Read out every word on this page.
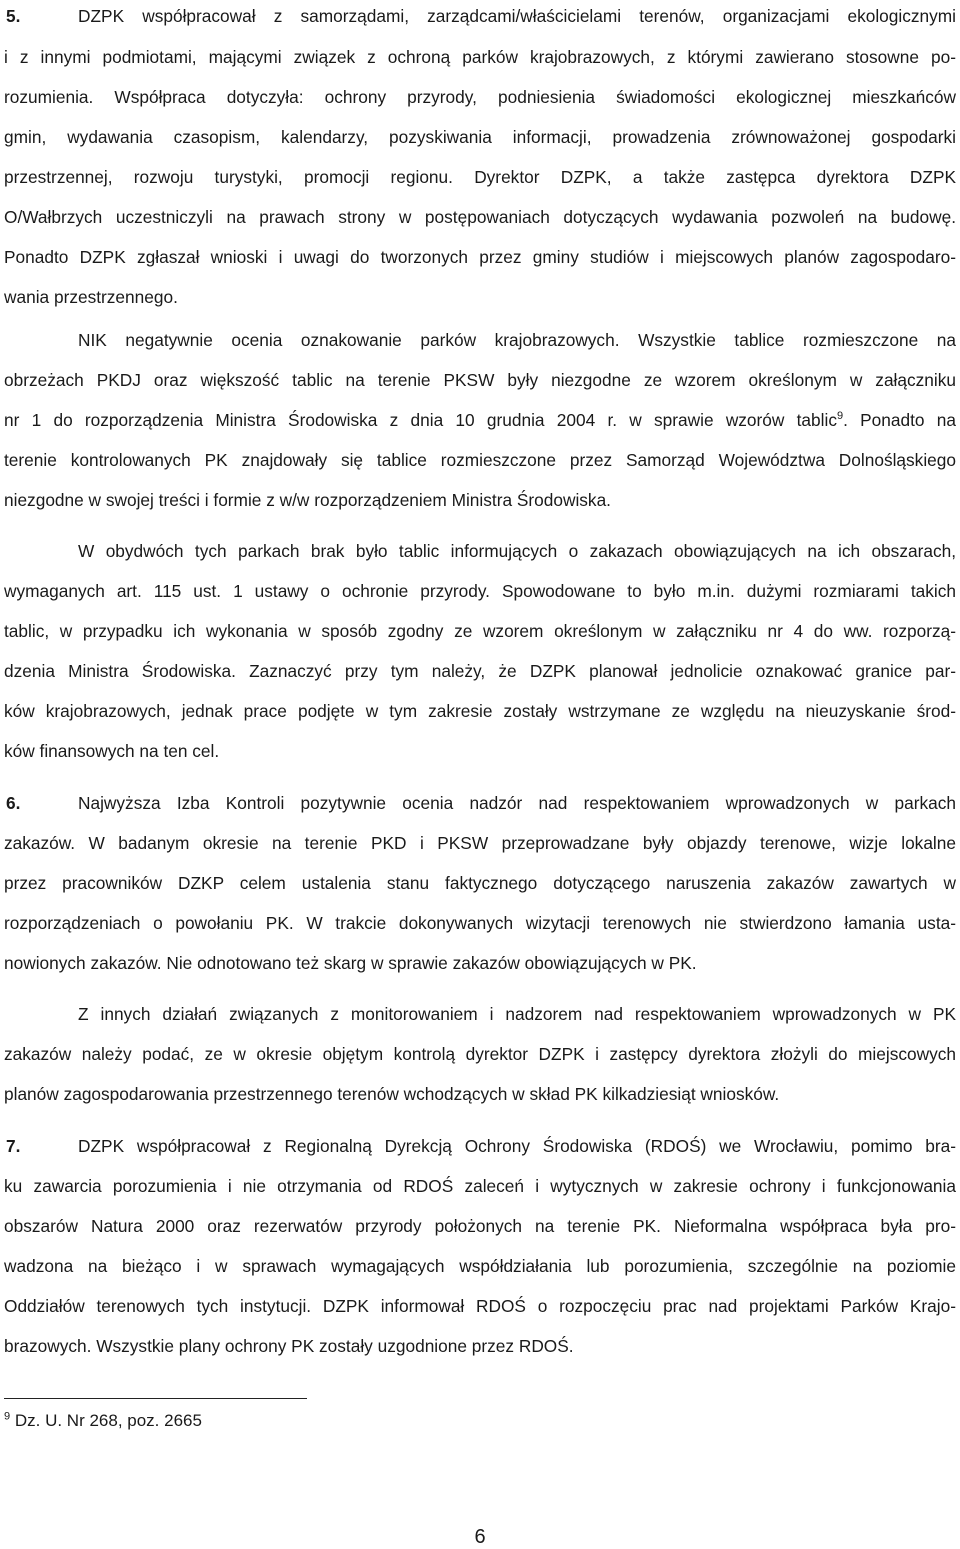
5.	DZPK współpracował z samorządami, zarządcami/właścicielami terenów, organizacjami ekologicznymi
i z innymi podmiotami, mającymi związek z ochroną parków krajobrazowych, z którymi zawierano stosowne po-
rozumienia. Współpraca dotyczyła: ochrony przyrody, podniesienia świadomości ekologicznej mieszkańców
gmin, wydawania czasopism, kalendarzy, pozyskiwania informacji, prowadzenia zrównoważonej gospodarki
przestrzennej, rozwoju turystyki, promocji regionu. Dyrektor DZPK, a także zastępca dyrektora DZPK
O/Wałbrzych uczestniczyli na prawach strony w postępowaniach dotyczących wydawania pozwoleń na budowę.
Ponadto DZPK zgłaszał wnioski i uwagi do tworzonych przez gminy studiów i miejscowych planów zagospodaro-
wania przestrzennego.
NIK negatywnie ocenia oznakowanie parków krajobrazowych. Wszystkie tablice rozmieszczone na
obrzeżach PKDJ oraz większość tablic na terenie PKSW były niezgodne ze wzorem określonym w załączniku
nr 1 do rozporządzenia Ministra Środowiska z dnia 10 grudnia 2004 r. w sprawie wzorów tablic$^9$. Ponadto na
terenie kontrolowanych PK znajdowały się tablice rozmieszczone przez Samorząd Województwa Dolnośląskiego
niezgodne w swojej treści i formie z w/w rozporządzeniem Ministra Środowiska.
W obydwóch tych parkach brak było tablic informujących o zakazach obowiązujących na ich obszarach,
wymaganych art. 115 ust. 1 ustawy o ochronie przyrody. Spowodowane to było m.in. dużymi rozmiarami takich
tablic, w przypadku ich wykonania w sposób zgodny ze wzorem określonym w załączniku nr 4 do ww. rozporzą-
dzenia Ministra Środowiska. Zaznaczyć przy tym należy, że DZPK planował jednolicie oznakować granice par-
ków krajobrazowych, jednak prace podjęte w tym zakresie zostały wstrzymane ze względu na nieuzyskanie środ-
ków finansowych na ten cel.
6.	Najwyższa Izba Kontroli pozytywnie ocenia nadzór nad respektowaniem wprowadzonych w parkach
zakazów. W badanym okresie na terenie PKD i PKSW przeprowadzane były objazdy terenowe, wizje lokalne
przez pracowników DZKP celem ustalenia stanu faktycznego dotyczącego naruszenia zakazów zawartych w
rozporządzeniach o powołaniu PK. W trakcie dokonywanych wizytacji terenowych nie stwierdzono łamania usta-
nowionych zakazów. Nie odnotowano też skarg w sprawie zakazów obowiązujących w PK.
Z innych działań związanych z monitorowaniem i nadzorem nad respektowaniem wprowadzonych w PK
zakazów należy podać, ze w okresie objętym kontrolą dyrektor DZPK i zastępcy dyrektora złożyli do miejscowych
planów zagospodarowania przestrzennego terenów wchodzących w skład PK kilkadziesiąt wniosków.
7.	DZPK współpracował z Regionalną Dyrekcją Ochrony Środowiska (RDOŚ) we Wrocławiu, pomimo bra-
ku zawarcia porozumienia i nie otrzymania od RDOŚ zaleceń i wytycznych w zakresie ochrony i funkcjonowania
obszarów Natura 2000 oraz rezerwatów przyrody położonych na terenie PK. Nieformalna współpraca była pro-
wadzona na bieżąco i w sprawach wymagających współdziałania lub porozumienia, szczególnie na poziomie
Oddziałów terenowych tych instytucji. DZPK informował RDOŚ o rozpoczęciu prac nad projektami Parków Krajo-
brazowych. Wszystkie plany ochrony PK zostały uzgodnione przez RDOŚ.
$^9$ Dz. U. Nr 268, poz. 2665
6
